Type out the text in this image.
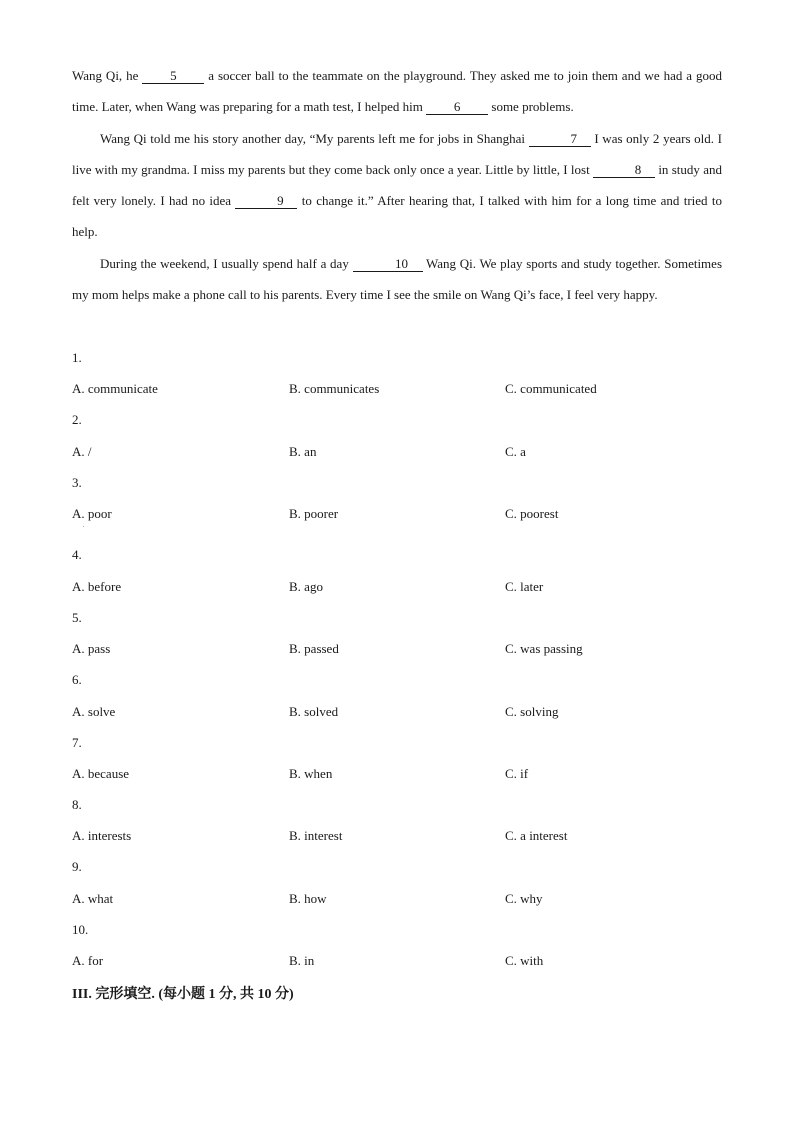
Wang Qi, he 5 a soccer ball to the teammate on the playground. They asked me to join them and we had a good time. Later, when Wang was preparing for a math test, I helped him 6 some problems.

Wang Qi told me his story another day, “My parents left me for jobs in Shanghai	7 I was only 2 years old. I live with my grandma. I miss my parents but they come back only once a year. Little by little, I lost	8 in study and felt very lonely. I had no idea	9 to change it.” After hearing that, I talked with him for a long time and tried to help.

During the weekend, I usually spend half a day	10 Wang Qi. We play sports and study together. Sometimes my mom helps make a phone call to his parents. Every time I see the smile on Wang Qi’s face, I feel very happy.

1.
A. communicate	B. communicates	C. communicated
2.
A. /	B. an	C. a
3.
A. poor	B. poorer	C. poorest
.
4.
A. before	B. ago	C. later
5.
A. pass	B. passed	C. was passing
6.
A. solve	B. solved	C. solving
7.
A. because	B. when	C. if
8.
A. interests	B. interest	C. a interest
9.
A. what	B. how	C. why
10.
A. for	B. in	C. with
III. 完形填空. (每小题 1 分, 共 10 分)
